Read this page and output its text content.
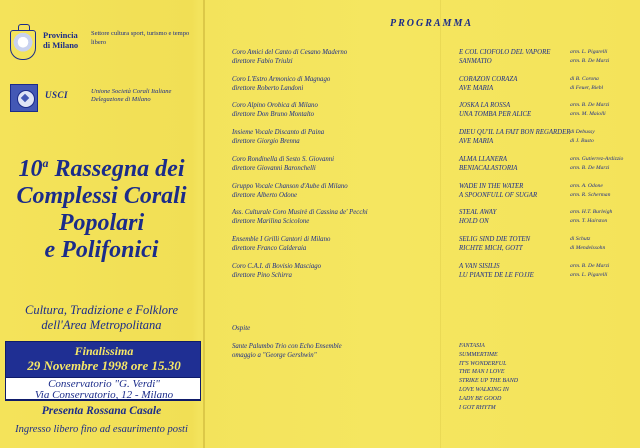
Provincia di Milano
Settore cultura sport, turismo e tempo libero
USCI	Unione Società Corali Italiane Delegazione di Milano
10$^a$ Rassegna dei
Complessi Corali
Popolari
e Polifonici
Cultura, Tradizione e Folklore
dell'Area Metropolitana
Finalissima
29 Novembre 1998 ore 15.30
Conservatorio "G. Verdi"
Via Conservatorio, 12 - Milano
Presenta Rossana Casale
Ingresso libero fino ad esaurimento posti
PROGRAMMA
Coro Amici del Canto di Cesano Maderno
direttore Fabio Triulzi
E COL CIOFOLO DEL VAPORE	arm. L. Pigarelli
SANMATIO	arm. B. De Marzi
Coro L'Estro Armonico di Magnago
direttore Roberto Landoni
CORAZON CORAZA	di B. Corona
AVE MARIA	di Feuer, Biebl
Coro Alpino Orobica di Milano
direttore Don Bruno Montalto
JOSKA LA ROSSA	arm. B. De Marzi
UNA TOMBA PER ALICE	arm. M. Maiolli
Insieme Vocale Discanto di Paina
direttore Giorgio Brenna
DIEU QU'IL LA FAIT BON REGARDER di Debussy
AVE MARIA	di J. Busto
Coro Rondinella di Sesto S. Giovanni
direttore Giovanni Baronchelli
ALMA LLANERA	arm. Gutierrez-Ardizzio
BENIACALASTORIA	arm. B. De Marzi
Gruppo Vocale Chanson d'Aube di Milano
direttore Alberto Odone
WADE IN THE WATER	arm. A. Odone
A SPOONFULL OF SUGAR	arm. R. Scherman
Ass. Culturale Coro Musirè di Cassina de' Pecchi
direttore Marilina Scicolone
STEAL AWAY	arm. H.T. Burleigh
HOLD ON	arm. T. Hairston
Ensemble I Grilli Cantori di Milano
direttore Franco Calderaia
SELIG SIND DIE TOTEN	di Schutz
RICHTE MICH, GOTT	di Mendelssohn
Coro C.A.I. di Bovisio Masciago
direttore Pino Schirra
A VAN SISILIS	arm. B. De Marzi
LU PIANTE DE LE FOJJE	arm. L. Pigarelli
Ospite
Sante Palumbo Trio con Echo Ensemble
omaggio a "George Gershwin"
FANTASIA
SUMMERTIME
IT'S WONDERFUL
THE MAN I LOVE
STRIKE UP THE BAND
LOVE WALKING IN
LADY BE GOOD
I GOT RHYTM
